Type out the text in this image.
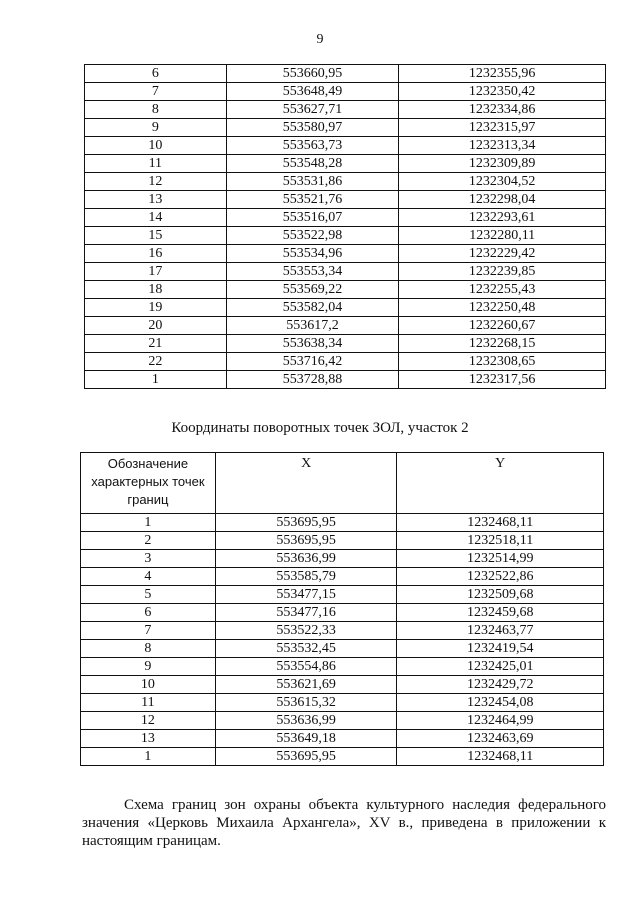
9
6	553660,95	1232355,96
7	553648,49	1232350,42
8	553627,71	1232334,86
9	553580,97	1232315,97
10	553563,73	1232313,34
11	553548,28	1232309,89
12	553531,86	1232304,52
13	553521,76	1232298,04
14	553516,07	1232293,61
15	553522,98	1232280,11
16	553534,96	1232229,42
17	553553,34	1232239,85
18	553569,22	1232255,43
19	553582,04	1232250,48
20	553617,2	1232260,67
21	553638,34	1232268,15
22	553716,42	1232308,65
1	553728,88	1232317,56
Координаты поворотных точек ЗОЛ, участок 2
Обозначение характерных точек границ	X	Y
1	553695,95	1232468,11
2	553695,95	1232518,11
3	553636,99	1232514,99
4	553585,79	1232522,86
5	553477,15	1232509,68
6	553477,16	1232459,68
7	553522,33	1232463,77
8	553532,45	1232419,54
9	553554,86	1232425,01
10	553621,69	1232429,72
11	553615,32	1232454,08
12	553636,99	1232464,99
13	553649,18	1232463,69
1	553695,95	1232468,11
Схема границ зон охраны объекта культурного наследия федерального значения «Церковь Михаила Архангела», XV в., приведена в приложении к настоящим границам.
